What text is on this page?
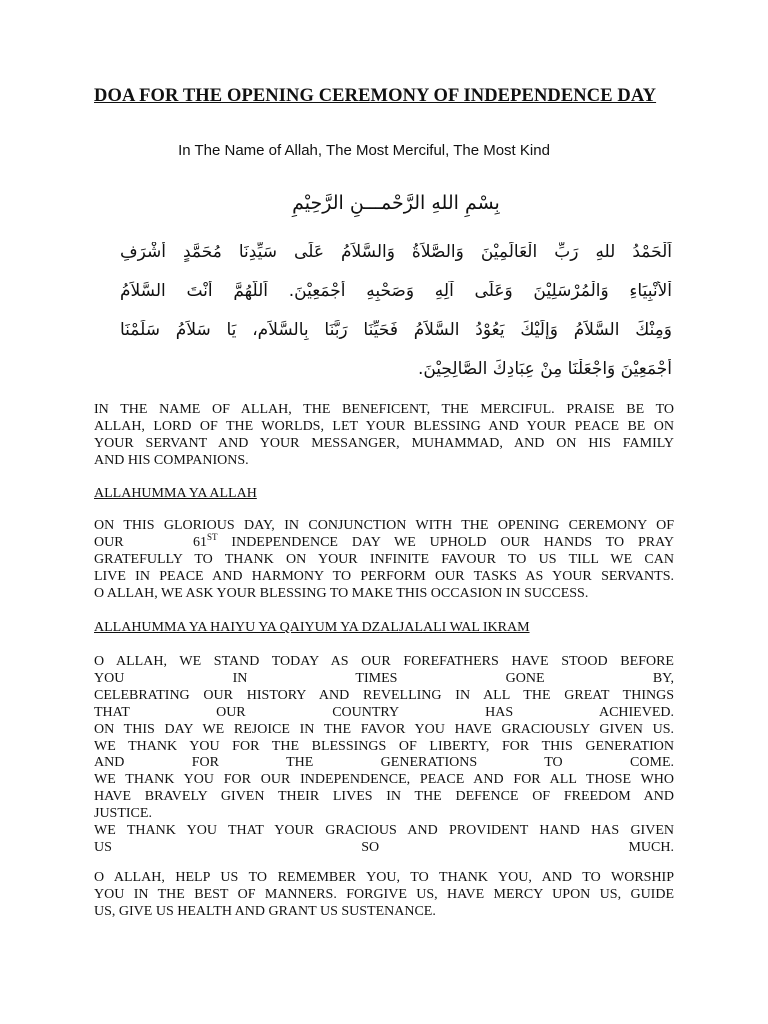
DOA FOR THE OPENING CEREMONY OF INDEPENDENCE DAY
In The Name of Allah, The Most Merciful, The Most Kind
بِسْمِ اللهِ الرَّحْمـــنِ الرَّحِيْمِ
اَلْحَمْدُ للهِ رَبِّ الْعَالَمِيْنَ وَالصَّلاَةُ وَالسَّلاَمُ عَلَى سَيِّدِنَا مُحَمَّدٍ أَشْرَفِ
اْلأَنْبِيَاءِ وَالْمُرْسَلِيْنَ وَعَلَى آلِهِ وَصَحْبِهِ أَجْمَعِيْنَ. اَللّهُمَّ أَنْتَ السَّلاَمُ
وَمِنْكَ السَّلاَمُ وَإِلَيْكَ يَعُوْدُ السَّلاَمُ فَحَيِّنَا رَبَّنَا بِالسَّلاَمِ، يَا سَلاَمُ سَلِّمْنَا
أَجْمَعِيْنَ وَاجْعَلْنَا مِنْ عِبَادِكَ الصَّالِحِيْنَ.
IN THE NAME OF ALLAH, THE BENEFICENT, THE MERCIFUL. PRAISE BE TO
ALLAH, LORD OF THE WORLDS, LET YOUR BLESSING AND YOUR PEACE BE ON
YOUR SERVANT AND YOUR MESSANGER, MUHAMMAD, AND ON HIS FAMILY
AND HIS COMPANIONS.
ALLAHUMMA YA ALLAH
ON THIS GLORIOUS DAY, IN CONJUNCTION WITH THE OPENING CEREMONY OF
OUR	61ST INDEPENDENCE DAY WE UPHOLD OUR HANDS TO PRAY
GRATEFULLY TO THANK ON YOUR INFINITE FAVOUR TO US TILL WE CAN
LIVE IN PEACE AND HARMONY TO PERFORM OUR TASKS AS YOUR SERVANTS.
O ALLAH, WE ASK YOUR BLESSING TO MAKE THIS OCCASION IN SUCCESS.
ALLAHUMMA YA HAIYU YA QAIYUM YA DZALJALALI WAL IKRAM
O ALLAH, WE STAND TODAY AS OUR FOREFATHERS HAVE STOOD BEFORE
YOU IN TIMES GONE BY,
CELEBRATING OUR HISTORY AND REVELLING IN ALL THE GREAT THINGS
THAT OUR COUNTRY HAS ACHIEVED.
ON THIS DAY WE REJOICE IN THE FAVOR YOU HAVE GRACIOUSLY GIVEN US.
WE THANK YOU FOR THE BLESSINGS OF LIBERTY, FOR THIS GENERATION
AND FOR THE GENERATIONS TO COME.
WE THANK YOU FOR OUR INDEPENDENCE, PEACE AND FOR ALL THOSE WHO
HAVE BRAVELY GIVEN THEIR LIVES IN THE DEFENCE OF FREEDOM AND
JUSTICE.
WE THANK YOU THAT YOUR GRACIOUS AND PROVIDENT HAND HAS GIVEN
US SO MUCH.
O ALLAH, HELP US TO REMEMBER YOU, TO THANK YOU, AND TO WORSHIP
YOU IN THE BEST OF MANNERS. FORGIVE US, HAVE MERCY UPON US, GUIDE
US, GIVE US HEALTH AND GRANT US SUSTENANCE.
